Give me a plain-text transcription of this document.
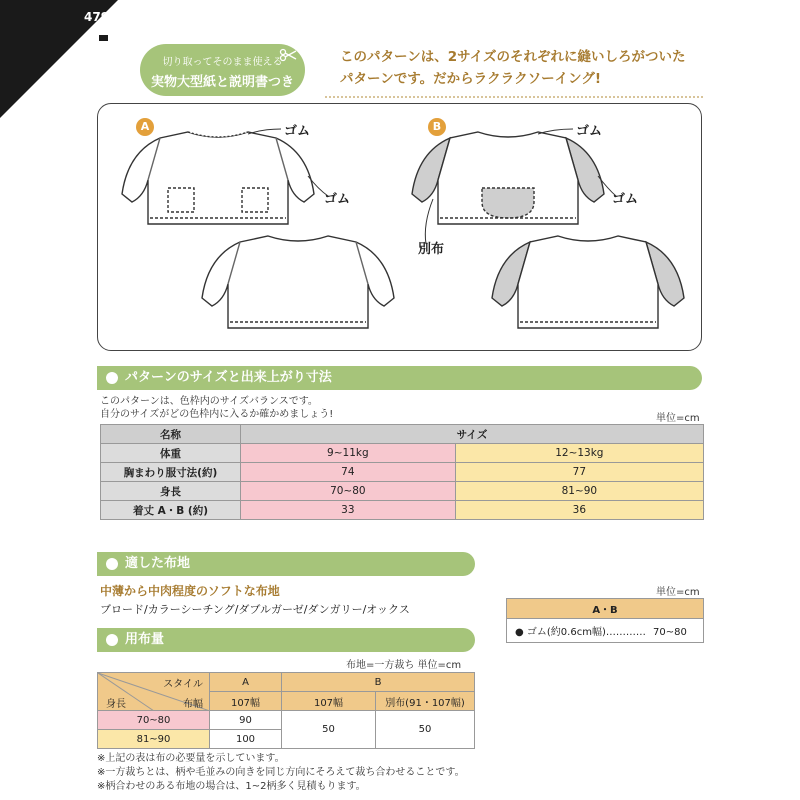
4793
切り取ってそのまま使える
実物大型紙と説明書つき
このパターンは、2サイズのそれぞれに縫いしろがついた
パターンです。だからラクラクソーイング!
A	B
ゴム
ゴム
ゴム
ゴム
別布
パターンのサイズと出来上がり寸法
このパターンは、色枠内のサイズバランスです。
自分のサイズがどの色枠内に入るか確かめましょう!	単位=cm
名称	サイズ	
体重	9~11kg	12~13kg
胸まわり服寸法(約)	74	77
身長	70~80	81~90
着丈 A・B (約)	33	36
適した布地
中薄から中肉程度のソフトな布地
ブロード/カラーシーチング/ダブルガーゼ/ダンガリー/オックス
単位=cm
A・B
● ゴム(約0.6cm幅)………… 70~80
用布量
布地=一方裁ち 単位=cm
スタイル
身長 布幅	A	B	
	107幅	107幅	別布(91・107幅)
70~80	90	50	50
81~90	100		
※上記の表は布の必要量を示しています。
※一方裁ちとは、柄や毛並みの向きを同じ方向にそろえて裁ち合わせることです。
※柄合わせのある布地の場合は、1~2柄多く見積もります。
